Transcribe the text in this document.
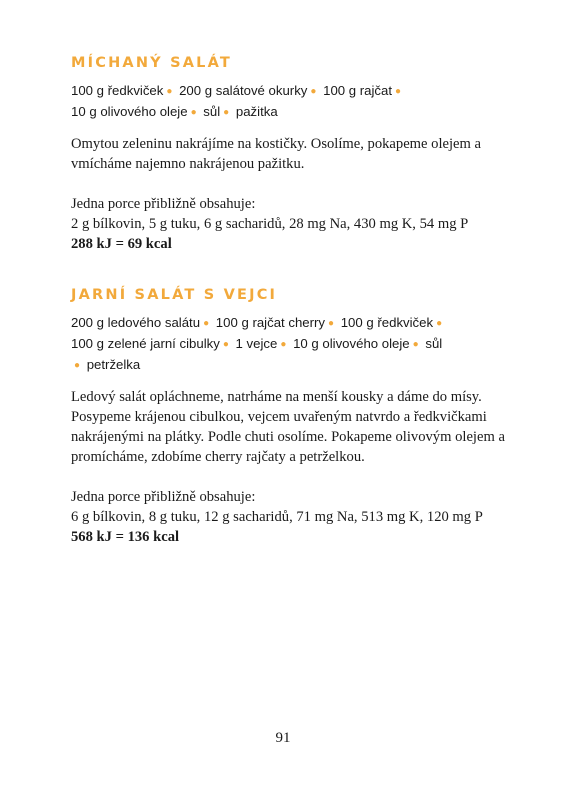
MÍCHANÝ SALÁT

100 g ředkviček ● 200 g salátové okurky ● 100 g rajčat ● 10 g olivového oleje ● sůl ● pažitka

Omytou zeleninu nakrájíme na kostičky. Osolíme, pokapeme olejem a vmícháme najemno nakrájenou pažitku.

Jedna porce přibližně obsahuje:

2 g bílkovin, 5 g tuku, 6 g sacharidů, 28 mg Na, 430 mg K, 54 mg P

288 kJ = 69 kcal

JARNÍ SALÁT S VEJCI

200 g ledového salátu ● 100 g rajčat cherry ● 100 g ředkviček ● 100 g zelené jarní cibulky ● 1 vejce ● 10 g olivového oleje ● sůl
● petrželka

Ledový salát opláchneme, natrháme na menší kousky a dáme do mísy. Posypeme krájenou cibulkou, vejcem uvařeným natvrdo a ředkvičkami nakrájenými na plátky. Podle chuti osolíme. Pokapeme olivovým olejem a promícháme, zdobíme cherry rajčaty a petrželkou.

Jedna porce přibližně obsahuje:

6 g bílkovin, 8 g tuku, 12 g sacharidů, 71 mg Na, 513 mg K, 120 mg P

568 kJ = 136 kcal

91
